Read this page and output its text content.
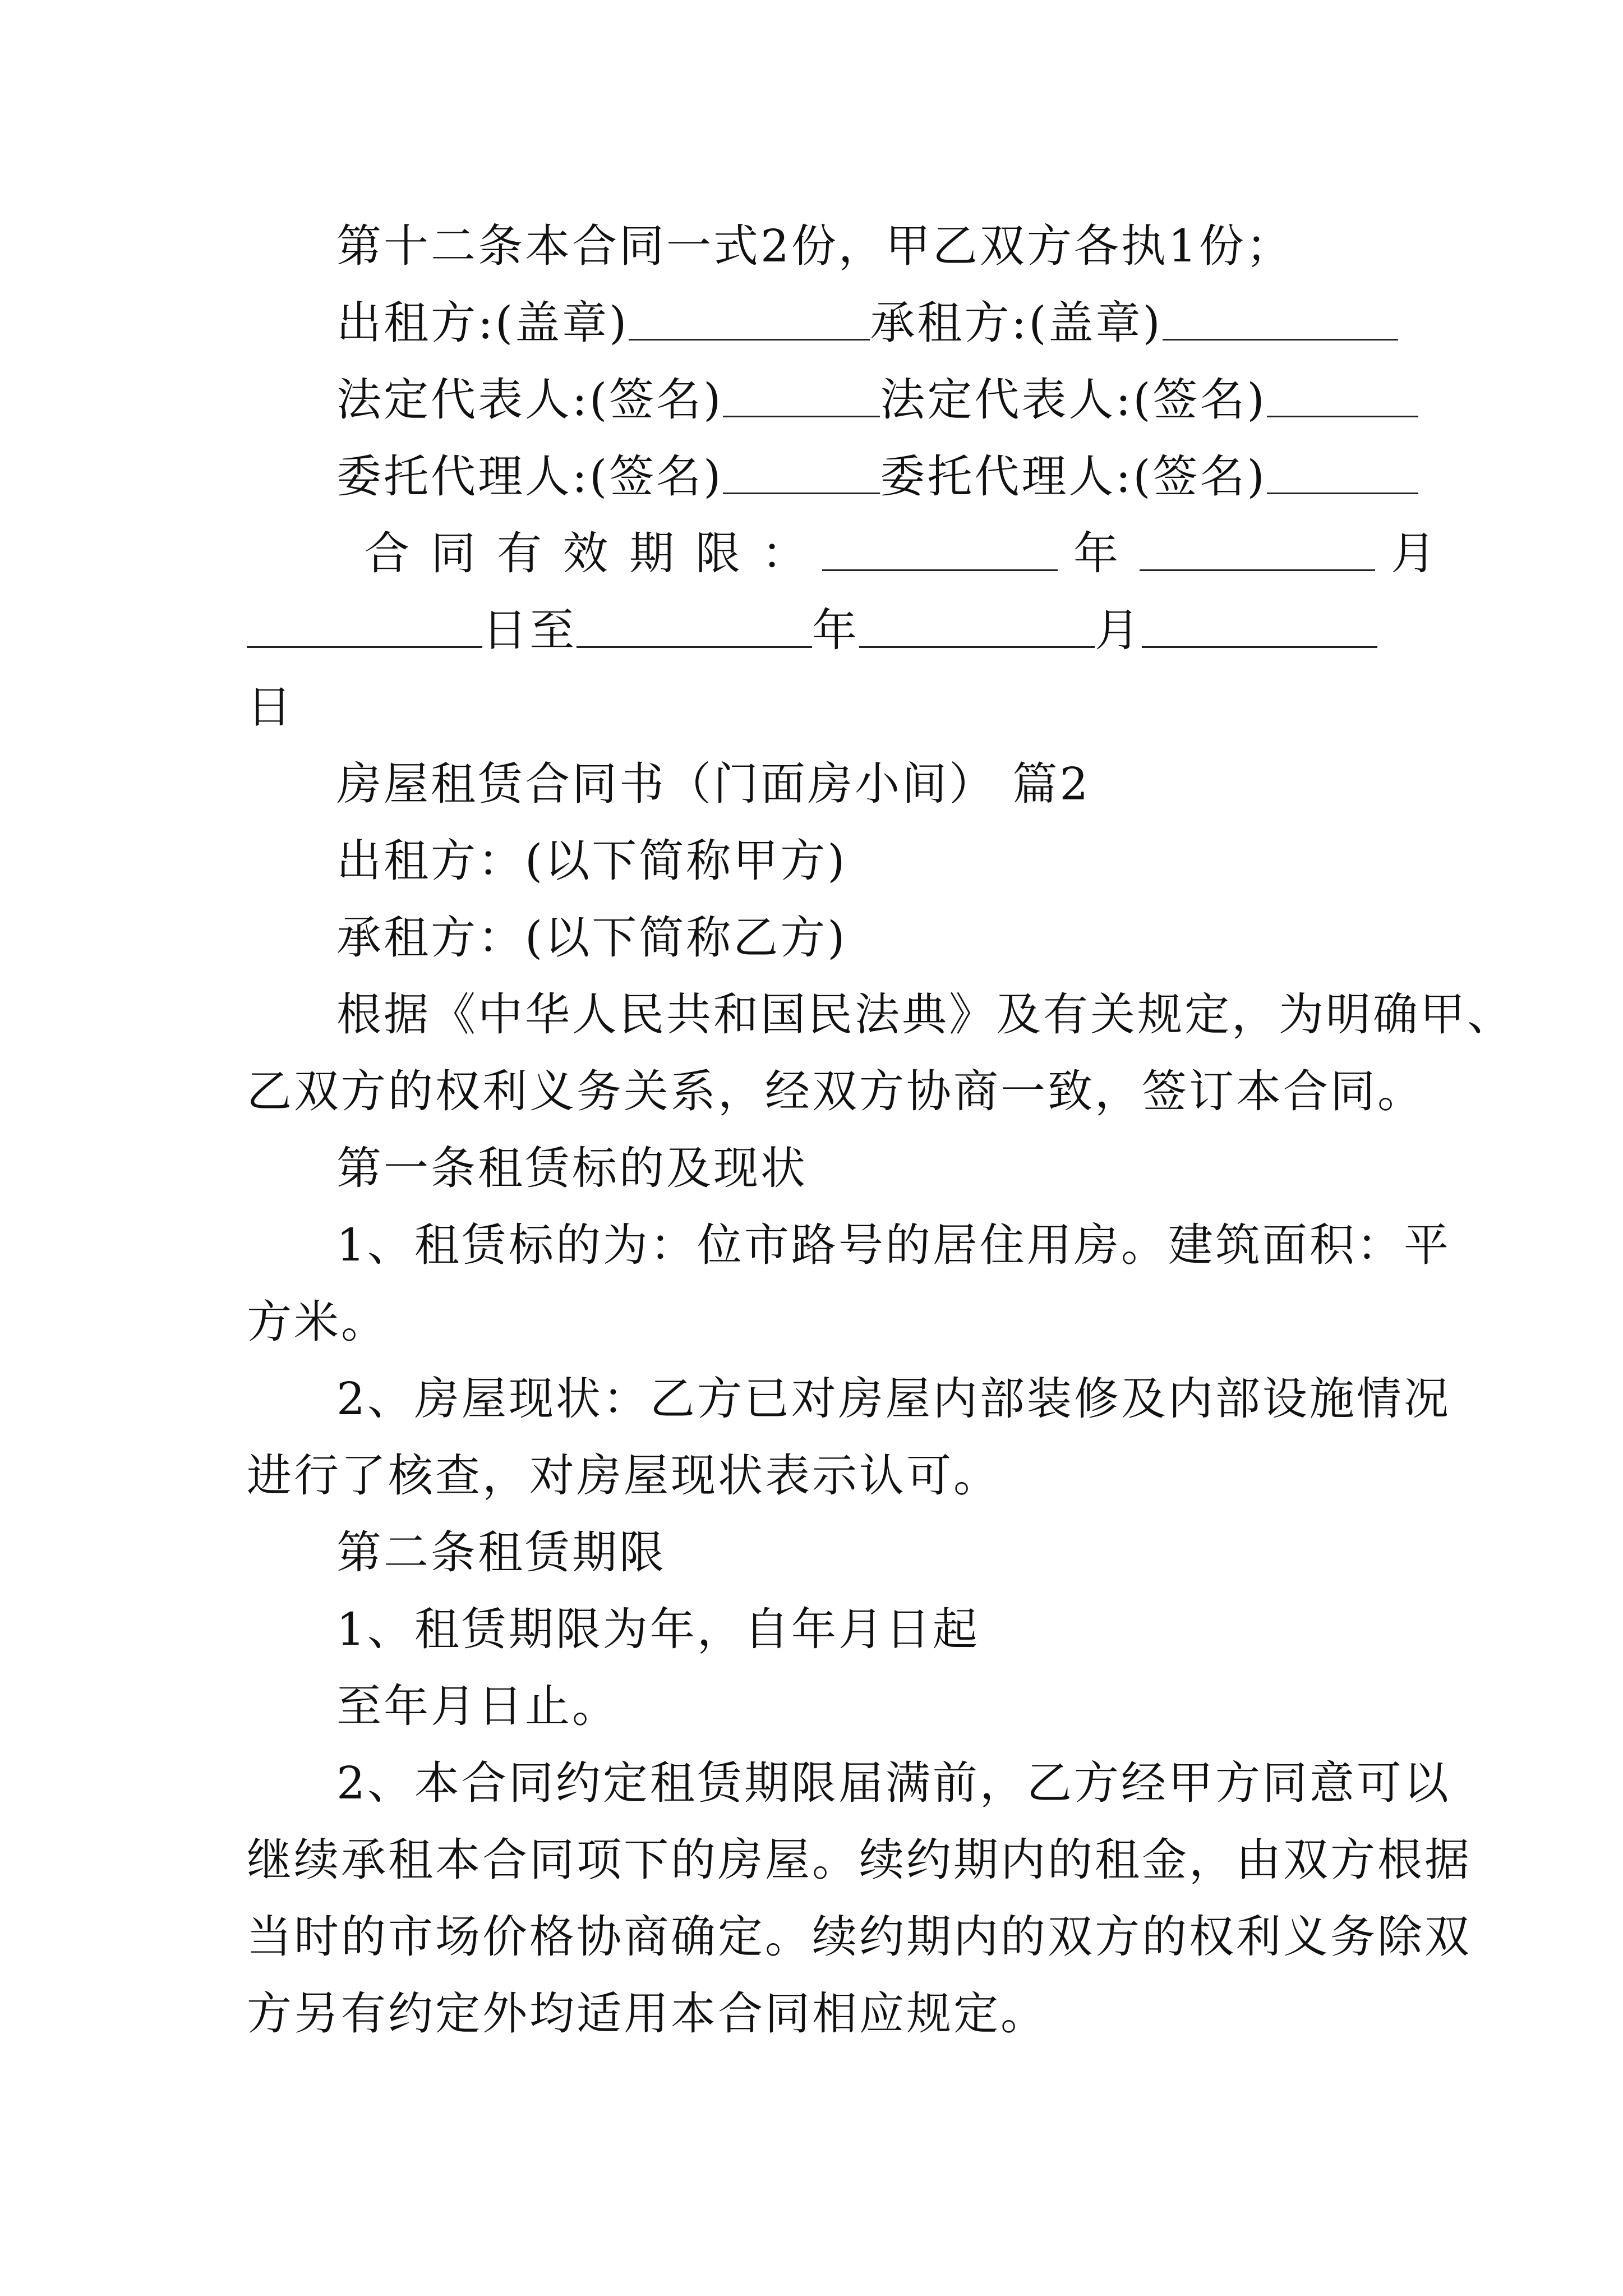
第十二条本合同一式2份，甲乙双方各执1份；
出租方:(盖章)	承租方:(盖章)
法定代表人:(签名)	法定代表人:(签名)
委托代理人:(签名)	委托代理人:(签名)
合同有效期限：	年	月
日至	年	月
日
房屋租赁合同书（门面房小间） 篇2
出租方：(以下简称甲方)
承租方：(以下简称乙方)
根据《中华人民共和国民法典》及有关规定，为明确甲、
乙双方的权利义务关系，经双方协商一致，签订本合同。
第一条租赁标的及现状
1、租赁标的为：位市路号的居住用房。建筑面积：平
方米。
2、房屋现状：乙方已对房屋内部装修及内部设施情况
进行了核查，对房屋现状表示认可。
第二条租赁期限
1、租赁期限为年，自年月日起
至年月日止。
2、本合同约定租赁期限届满前，乙方经甲方同意可以
继续承租本合同项下的房屋。续约期内的租金，由双方根据
当时的市场价格协商确定。续约期内的双方的权利义务除双
方另有约定外均适用本合同相应规定。
